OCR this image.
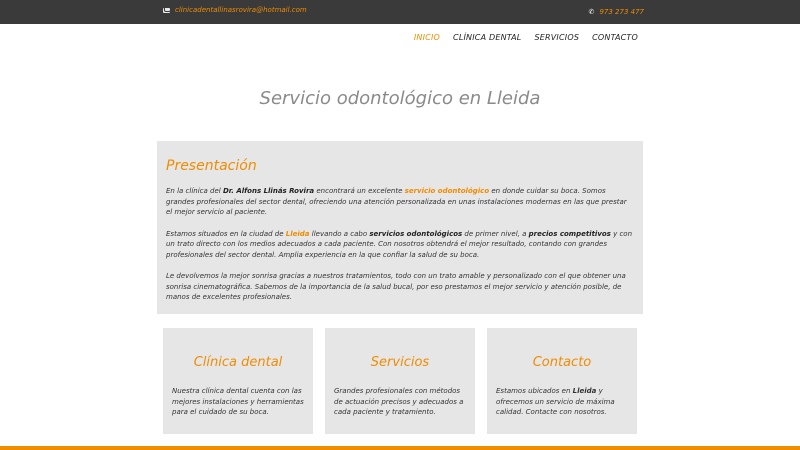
clinicadentallinasrovira@hotmail.com	✆ 973 273 477
INICIO CLÍNICA DENTAL SERVICIOS CONTACTO
Servicio odontológico en Lleida
Presentación

En la clínica del Dr. Alfons Llinás Rovira encontrará un excelente servicio odontológico en donde cuidar su boca. Somos grandes profesionales del sector dental, ofreciendo una atención personalizada en unas instalaciones modernas en las que prestar el mejor servicio al paciente.

Estamos situados en la ciudad de Lleida llevando a cabo servicios odontológicos de primer nivel, a precios competitivos y con un trato directo con los medios adecuados a cada paciente. Con nosotros obtendrá el mejor resultado, contando con grandes profesionales del sector dental. Amplia experiencia en la que confiar la salud de su boca.

Le devolvemos la mejor sonrisa gracias a nuestros tratamientos, todo con un trato amable y personalizado con el que obtener una sonrisa cinematográfica. Sabemos de la importancia de la salud bucal, por eso prestamos el mejor servicio y atención posible, de manos de excelentes profesionales.

Clínica dental

Nuestra clínica dental cuenta con las mejores instalaciones y herramientas para el cuidado de su boca.

Servicios

Grandes profesionales con métodos de actuación precisos y adecuados a cada paciente y tratamiento.

Contacto

Estamos ubicados en Lleida y ofrecemos un servicio de máxima calidad. Contacte con nosotros.
